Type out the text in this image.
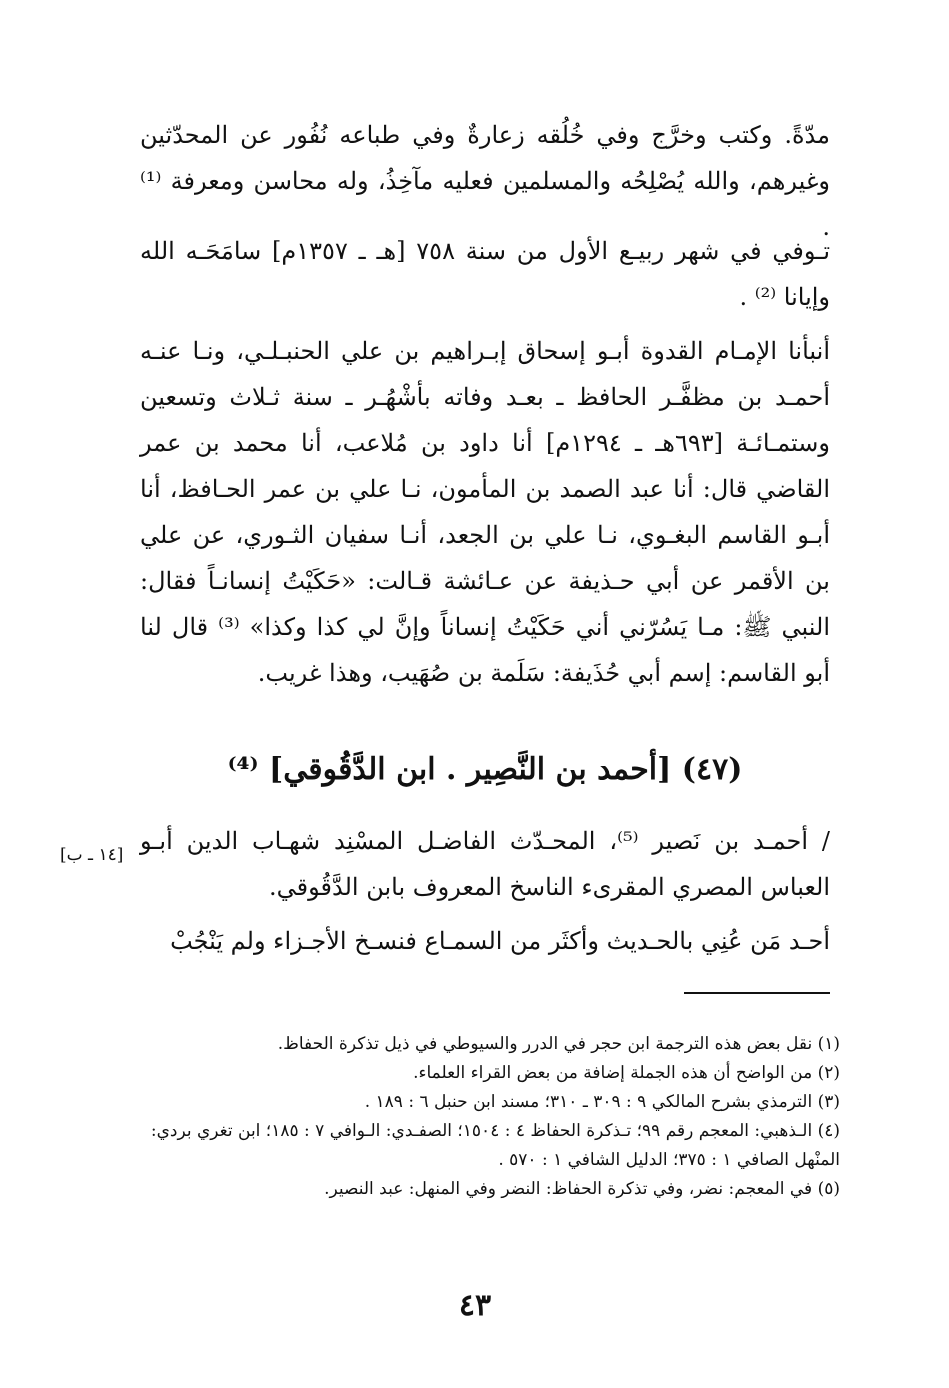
مدّةً. وكتب وخرَّج وفي خُلُقه زعارةٌ وفي طباعه نُفُور عن المحدّثين وغيرهم، والله يُصْلِحُه والمسلمين فعليه مآخِذُ، وله محاسن ومعرفة ⁽¹⁾ .
تـوفي في شهر ربيـع الأول من سنة ٧٥٨ [هـ ـ ١٣٥٧م] سامَحَـه الله وإيانا ⁽²⁾ .
أنبأنا الإمـام القدوة أبـو إسحاق إبـراهيم بن علي الحنبـلـي، ونـا عنـه أحمـد بن مظفَّـر الحافظ ـ بعـد وفاته بأشْهُـر ـ سنة ثـلاث وتسعين وستمـائـة [٦٩٣هـ ـ ١٢٩٤م] أنا داود بن مُلاعب، أنا محمد بن عمر القاضي قال: أنا عبد الصمد بن المأمون، نـا علي بن عمر الحـافظ، أنا أبـو القاسم البغـوي، نـا علي بن الجعد، أنـا سفيان الثـوري، عن علي بن الأقمر عن أبي حـذيفة عن عـائشة قـالت: «حَكَيْتُ إنسانـاً فقال: النبي ﷺ: مـا يَسُرّني أني حَكَيْتُ إنساناً وإنَّ لي كذا وكذا» ⁽³⁾ قال لنا أبو القاسم: إسم أبي حُذَيفة: سَلَمة بن صُهَيب، وهذا غريب.
(٤٧) [أحمد بن النَّصِير . ابن الدَّقُوقي] ⁽⁴⁾
/ أحمـد بن نَصير ⁽⁵⁾، المحـدّث الفاضـل المسْنِد شهـاب الدين أبـو العباس المصري المقرىء الناسخ المعروف بابن الدَّقُوقي.
[١٤ ـ ب]
أحـد مَن عُنِي بالحـديث وأكثَر من السمـاع فنسـخ الأجـزاء ولم يَنْجُبْ
(١) نقل بعض هذه الترجمة ابن حجر في الدرر والسيوطي في ذيل تذكرة الحفاظ.
(٢) من الواضح أن هذه الجملة إضافة من بعض القراء العلماء.
(٣) الترمذي بشرح المالكي ٩ : ٣٠٩ ـ ٣١٠؛ مسند ابن حنبل ٦ : ١٨٩ .
(٤) الـذهبي: المعجم رقم ٩٩؛ تـذكرة الحفاظ ٤ : ١٥٠٤؛ الصفـدي: الـوافي ٧ : ١٨٥؛ ابن تغري بردي: المنْهل الصافي ١ : ٣٧٥؛ الدليل الشافي ١ : ٥٧٠ .
(٥) في المعجم: نضر، وفي تذكرة الحفاظ: النضر وفي المنهل: عبد النصير.
٤٣
